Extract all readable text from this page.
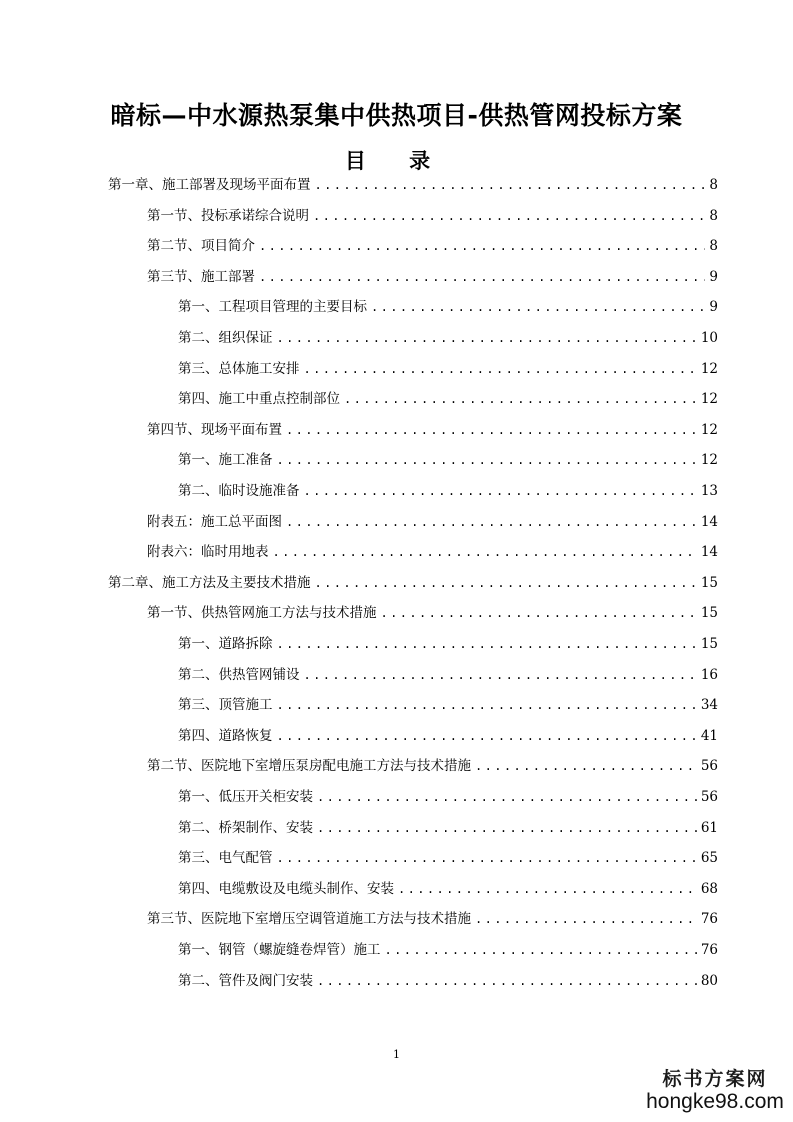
暗标—中水源热泵集中供热项目-供热管网投标方案
目 录
第一章、施工部署及现场平面布置 .....	8
第一节、投标承诺综合说明 .....	8
第二节、项目简介 .....	8
第三节、施工部署 .....	9
第一、工程项目管理的主要目标 .....	9
第二、组织保证 .....	10
第三、总体施工安排 .....	12
第四、施工中重点控制部位 .....	12
第四节、现场平面布置 .....	12
第一、施工准备 .....	12
第二、临时设施准备 .....	13
附表五：施工总平面图 .....	14
附表六：临时用地表 .....	14
第二章、施工方法及主要技术措施 .....	15
第一节、供热管网施工方法与技术措施 .....	15
第一、道路拆除 .....	15
第二、供热管网铺设 .....	16
第三、顶管施工 .....	34
第四、道路恢复 .....	41
第二节、医院地下室增压泵房配电施工方法与技术措施 .....	56
第一、低压开关柜安装 .....	56
第二、桥架制作、安装 .....	61
第三、电气配管 .....	65
第四、电缆敷设及电缆头制作、安装 .....	68
第三节、医院地下室增压空调管道施工方法与技术措施 .....	76
第一、钢管（螺旋缝卷焊管）施工 .....	76
第二、管件及阀门安装 .....	80
1
标书方案网
hongke98.com
